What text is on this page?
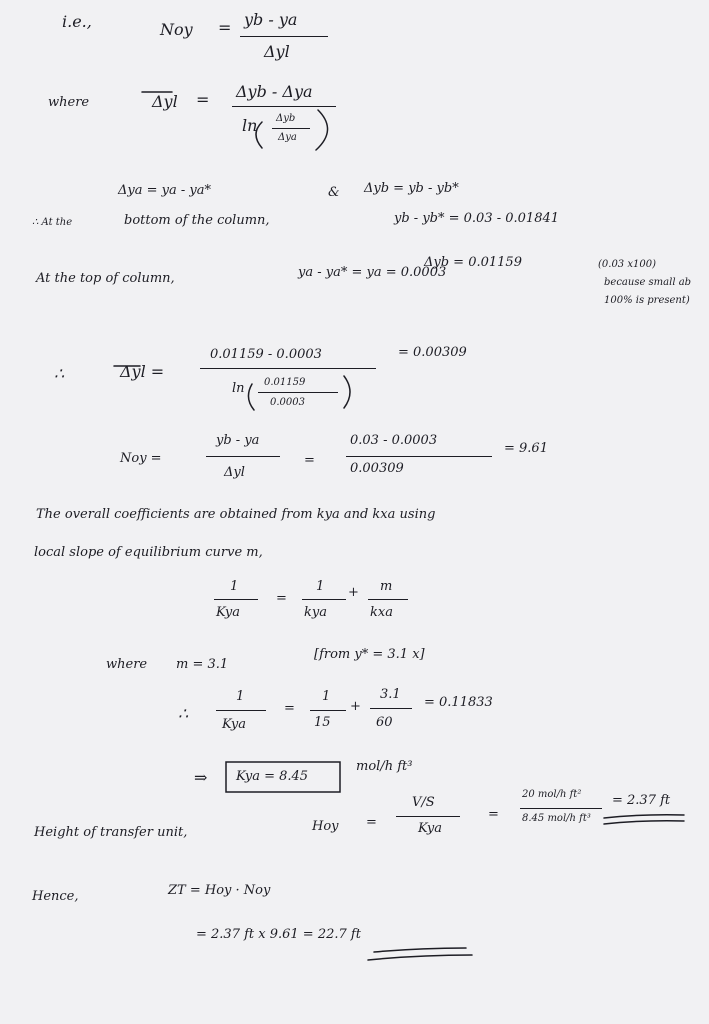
i.e.,	Noy = yb - ya
Δyl
where	Δyl = Δyb - Δya
ln Δyb
Δya
Δya = ya - ya*	& Δyb = yb - yb*
∴ At the	bottom of the column,	yb - yb* = 0.03 - 0.01841
Δyb = 0.01159
At the top of column,	ya - ya* = ya = 0.0003
(0.03 x100)
because small ab
100% is present)
∴	Δyl =
0.01159 - 0.0003
ln 0.01159
0.0003
= 0.00309
Noy =
yb - ya
Δyl
=
0.03 - 0.0003
0.00309
= 9.61
The overall coefficients are obtained from kya and kxa using
local slope of equilibrium curve m,
1
Kya
=
1
kya
+ m
kxa
where m = 3.1
[from y* = 3.1 x]
∴
1
Kya
=
1
15
+
3.1
60
= 0.11833
⇒ Kya = 8.45
mol/h ft³
Height of transfer unit,	Hoy =
V/S
Kya
=
20 mol/h ft²
8.45 mol/h ft³
= 2.37 ft
Hence,	ZT = Hoy · Noy
= 2.37 ft x 9.61 = 22.7 ft
